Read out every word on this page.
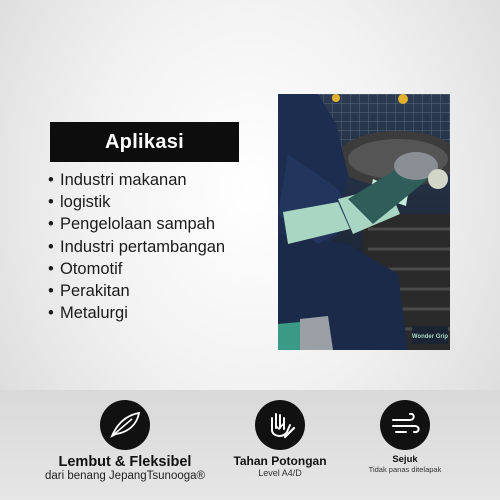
Aplikasi
• Industri makanan
• logistik
• Pengelolaan sampah
• Industri pertambangan
• Otomotif
• Perakitan
• Metalurgi
Wonder Grip
Lembut & Fleksibel
dari benang JepangTsunooga®
Tahan Potongan
Level A4/D
Sejuk
Tidak panas ditelapak
